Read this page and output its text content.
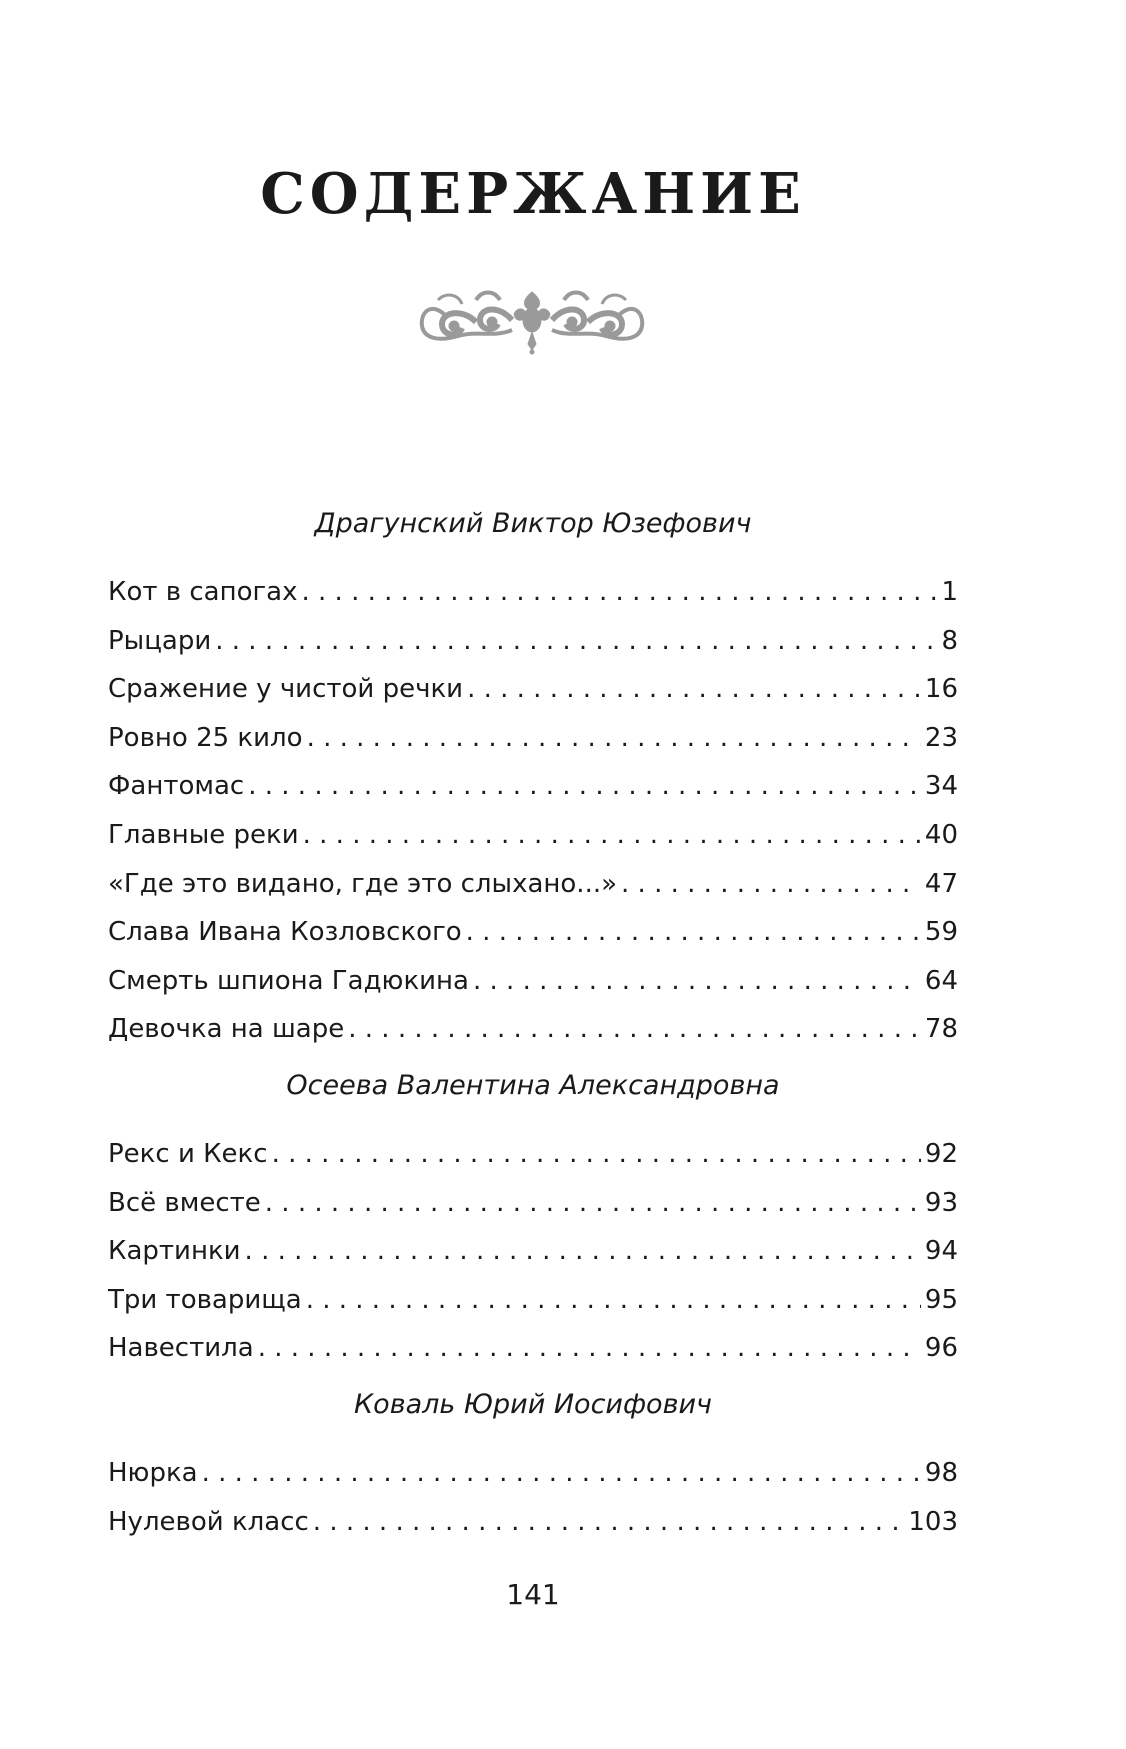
СОДЕРЖАНИЕ
Драгунский Виктор Юзефович
Кот в сапогах . . .	1
Рыцари . . .	8
Сражение у чистой речки . . .	16
Ровно 25 кило . . .	23
Фантомас . . .	34
Главные реки . . .	40
«Где это видано, где это слыхано...» . . .	47
Слава Ивана Козловского . . .	59
Смерть шпиона Гадюкина . . .	64
Девочка на шаре . . .	78
Осеева Валентина Александровна
Рекс и Кекс . . .	92
Всё вместе . . .	93
Картинки . . .	94
Три товарища . . .	95
Навестила . . .	96
Коваль Юрий Иосифович
Нюрка . . .	98
Нулевой класс . . .	103
141
